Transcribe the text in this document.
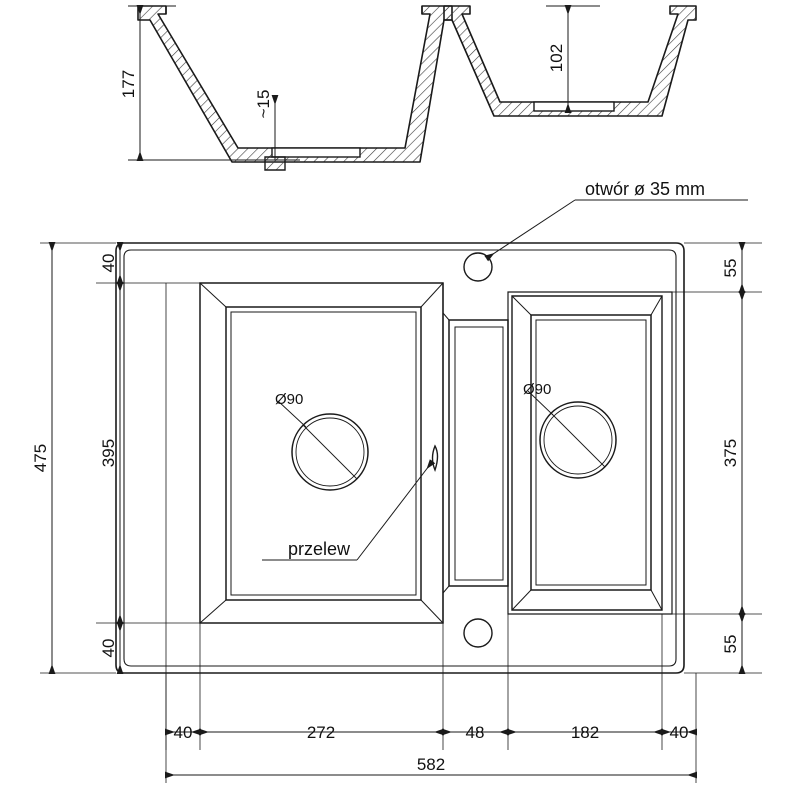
177
102
~15
Ø90
Ø90
otwór ø 35 mm
przelew
475
40
395
40
55
375
55
40	272	48	182	40
582
